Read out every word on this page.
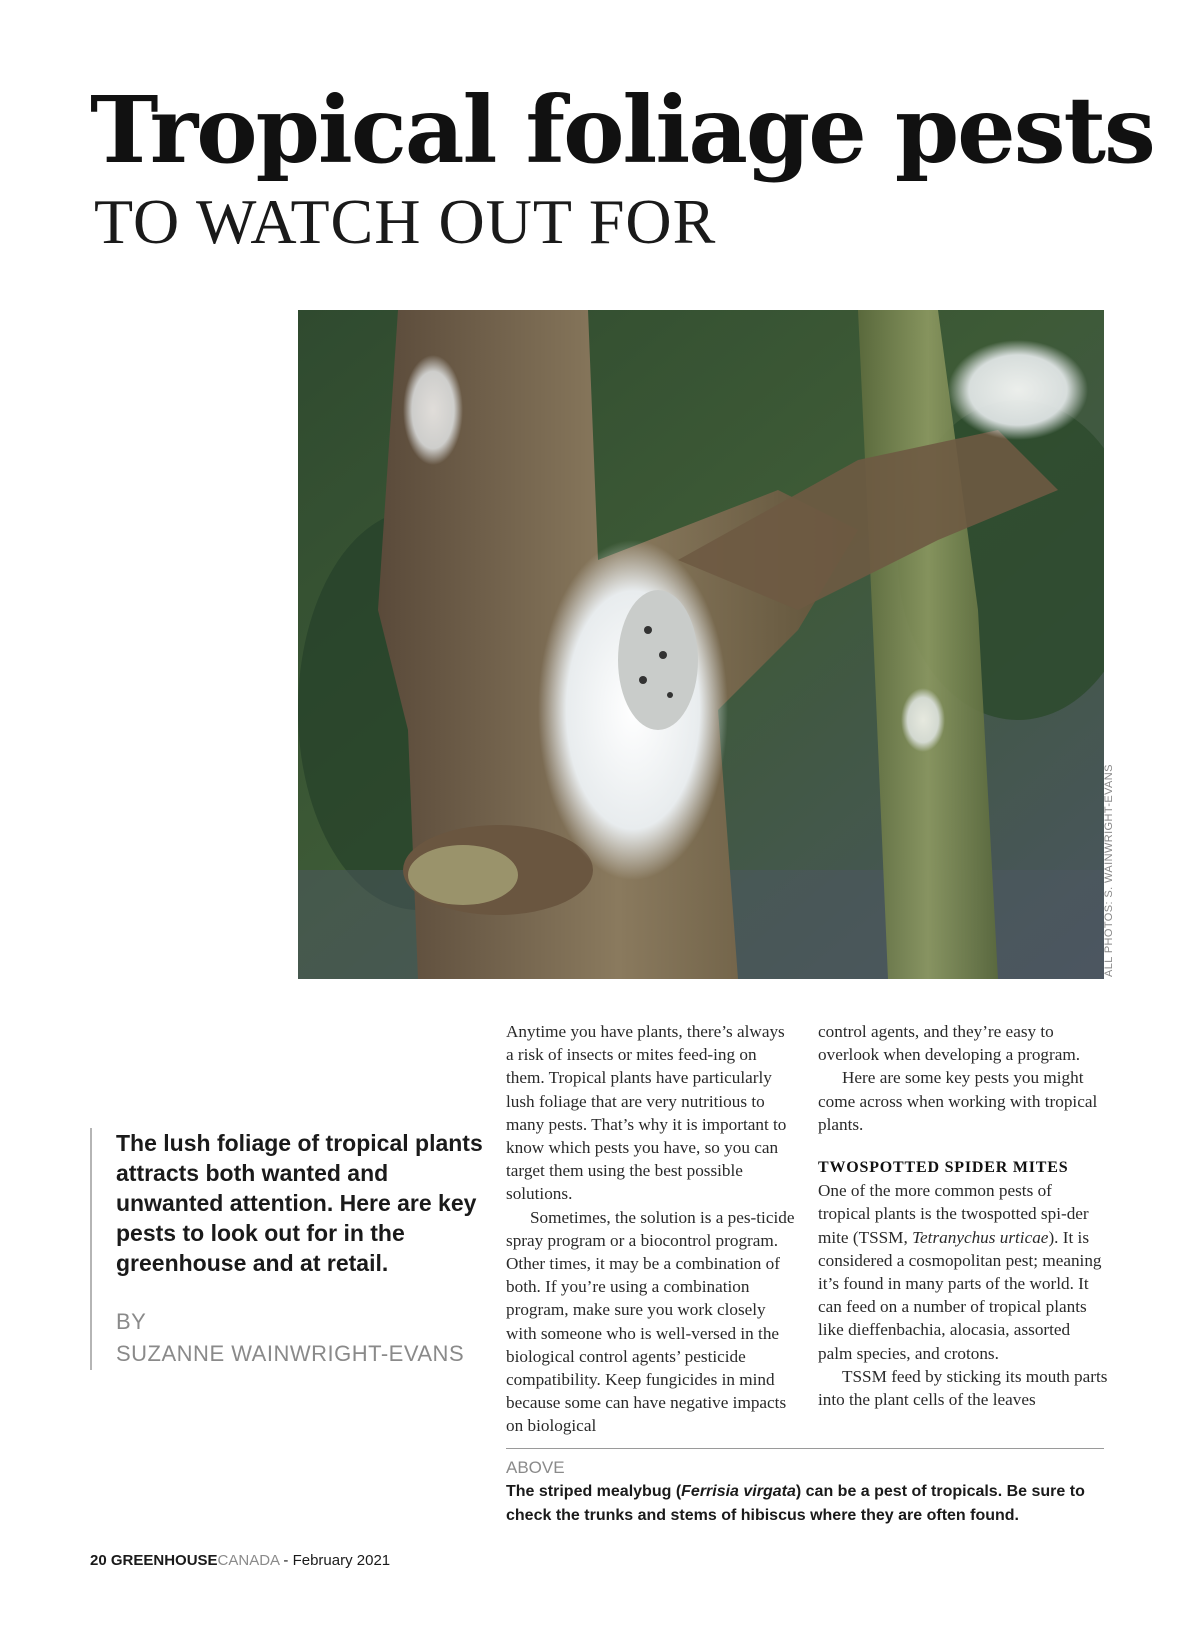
Tropical foliage pests
TO WATCH OUT FOR
ALL PHOTOS: S. WAINWRIGHT-EVANS

The lush foliage of tropical plants attracts both wanted and unwanted attention. Here are key pests to look out for in the greenhouse and at retail.

BY
SUZANNE WAINWRIGHT-EVANS

Anytime you have plants, there’s always a risk of insects or mites feed-ing on them. Tropical plants have particularly lush foliage that are very nutritious to many pests. That’s why it is important to know which pests you have, so you can target them using the best possible solutions.

Sometimes, the solution is a pes-ticide spray program or a biocontrol program. Other times, it may be a combination of both. If you’re using a combination program, make sure you work closely with someone who is well-versed in the biological control agents’ pesticide compatibility. Keep fungicides in mind because some can have negative impacts on biological

control agents, and they’re easy to overlook when developing a program.

Here are some key pests you might come across when working with tropical plants.

TWOSPOTTED SPIDER MITES

One of the more common pests of tropical plants is the twospotted spi-der mite (TSSM, Tetranychus urticae). It is considered a cosmopolitan pest; meaning it’s found in many parts of the world. It can feed on a number of tropical plants like dieffenbachia, alocasia, assorted palm species, and crotons.

TSSM feed by sticking its mouth parts into the plant cells of the leaves

ABOVE

The striped mealybug (Ferrisia virgata) can be a pest of tropicals. Be sure to check the trunks and stems of hibiscus where they are often found.

20 GREENHOUSECANADA - February 2021
